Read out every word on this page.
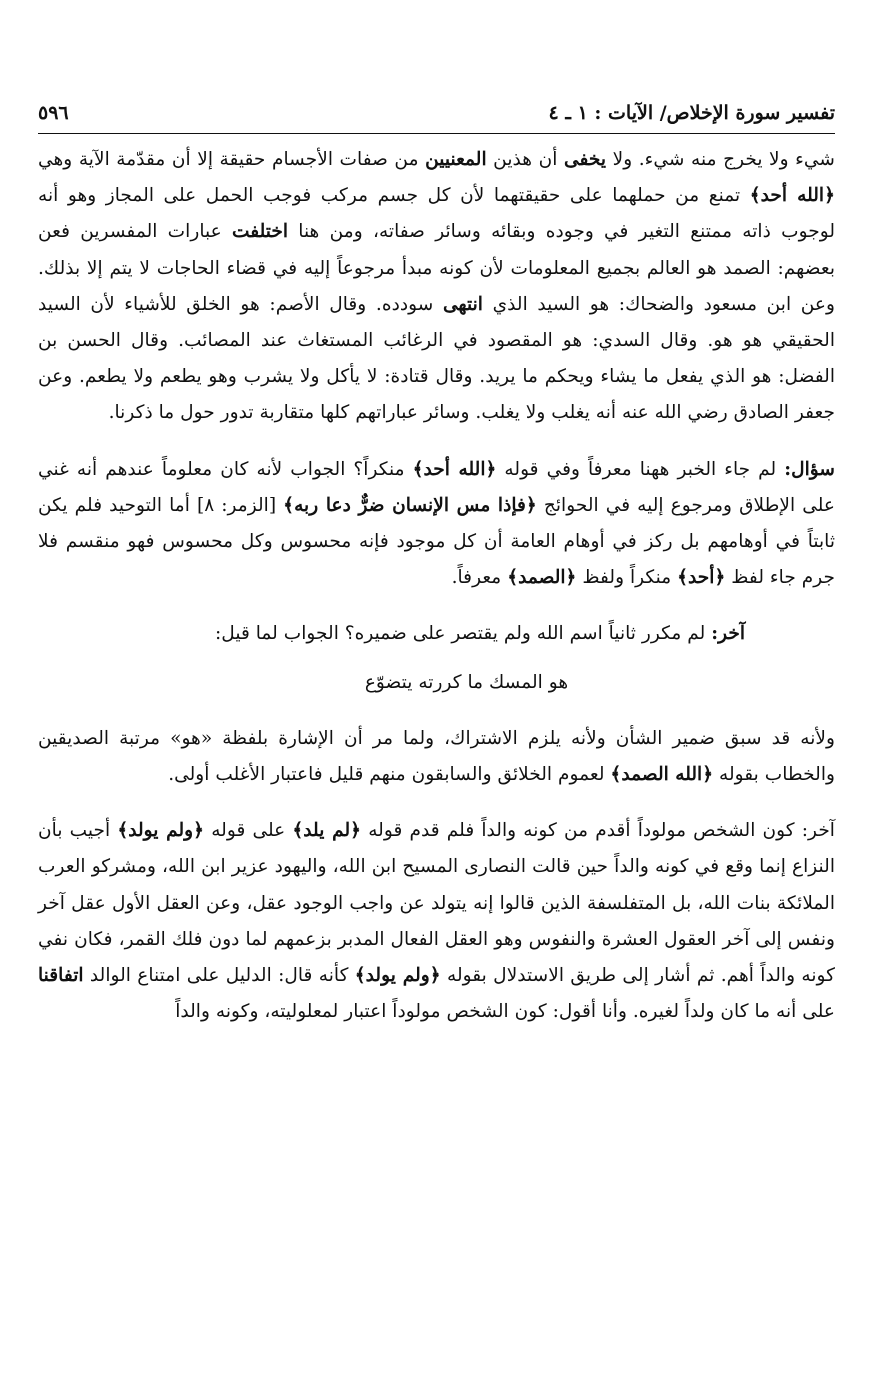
٥٩٦	تفسير سورة الإخلاص/ الآيات : ١ ـ ٤

شيء ولا يخرج منه شيء. ولا يخفى أن هذين المعنيين من صفات الأجسام حقيقة إلا أن مقدّمة الآية وهي ﴿الله أحد﴾ تمنع من حملهما على حقيقتهما لأن كل جسم مركب فوجب الحمل على المجاز وهو أنه لوجوب ذاته ممتنع التغير في وجوده وبقائه وسائر صفاته، ومن هنا اختلفت عبارات المفسرين فعن بعضهم: الصمد هو العالم بجميع المعلومات لأن كونه مبدأ مرجوعاً إليه في قضاء الحاجات لا يتم إلا بذلك. وعن ابن مسعود والضحاك: هو السيد الذي انتهى سودده. وقال الأصم: هو الخلق للأشياء لأن السيد الحقيقي هو هو. وقال السدي: هو المقصود في الرغائب المستغاث عند المصائب. وقال الحسن بن الفضل: هو الذي يفعل ما يشاء ويحكم ما يريد. وقال قتادة: لا يأكل ولا يشرب وهو يطعم ولا يطعم. وعن جعفر الصادق رضي الله عنه أنه يغلب ولا يغلب. وسائر عباراتهم كلها متقاربة تدور حول ما ذكرنا.

سؤال: لم جاء الخبر ههنا معرفاً وفي قوله ﴿الله أحد﴾ منكراً؟ الجواب لأنه كان معلوماً عندهم أنه غني على الإطلاق ومرجوع إليه في الحوائج ﴿فإذا مس الإنسان ضرٌّ دعا ربه﴾ [الزمر: ٨] أما التوحيد فلم يكن ثابتاً في أوهامهم بل ركز في أوهام العامة أن كل موجود فإنه محسوس وكل محسوس فهو منقسم فلا جرم جاء لفظ ﴿أحد﴾ منكراً ولفظ ﴿الصمد﴾ معرفاً.

آخر: لم مكرر ثانياً اسم الله ولم يقتصر على ضميره؟ الجواب لما قيل:

هو المسك ما كررته يتضوّع

ولأنه قد سبق ضمير الشأن ولأنه يلزم الاشتراك، ولما مر أن الإشارة بلفظة «هو» مرتبة الصديقين والخطاب بقوله ﴿الله الصمد﴾ لعموم الخلائق والسابقون منهم قليل فاعتبار الأغلب أولى.

آخر: كون الشخص مولوداً أقدم من كونه والداً فلم قدم قوله ﴿لم يلد﴾ على قوله ﴿ولم يولد﴾ أجيب بأن النزاع إنما وقع في كونه والداً حين قالت النصارى المسيح ابن الله، واليهود عزير ابن الله، ومشركو العرب الملائكة بنات الله، بل المتفلسفة الذين قالوا إنه يتولد عن واجب الوجود عقل، وعن العقل الأول عقل آخر ونفس إلى آخر العقول العشرة والنفوس وهو العقل الفعال المدبر بزعمهم لما دون فلك القمر، فكان نفي كونه والداً أهم. ثم أشار إلى طريق الاستدلال بقوله ﴿ولم يولد﴾ كأنه قال: الدليل على امتناع الوالد اتفاقنا على أنه ما كان ولداً لغيره. وأنا أقول: كون الشخص مولوداً اعتبار لمعلوليته، وكونه والداً
